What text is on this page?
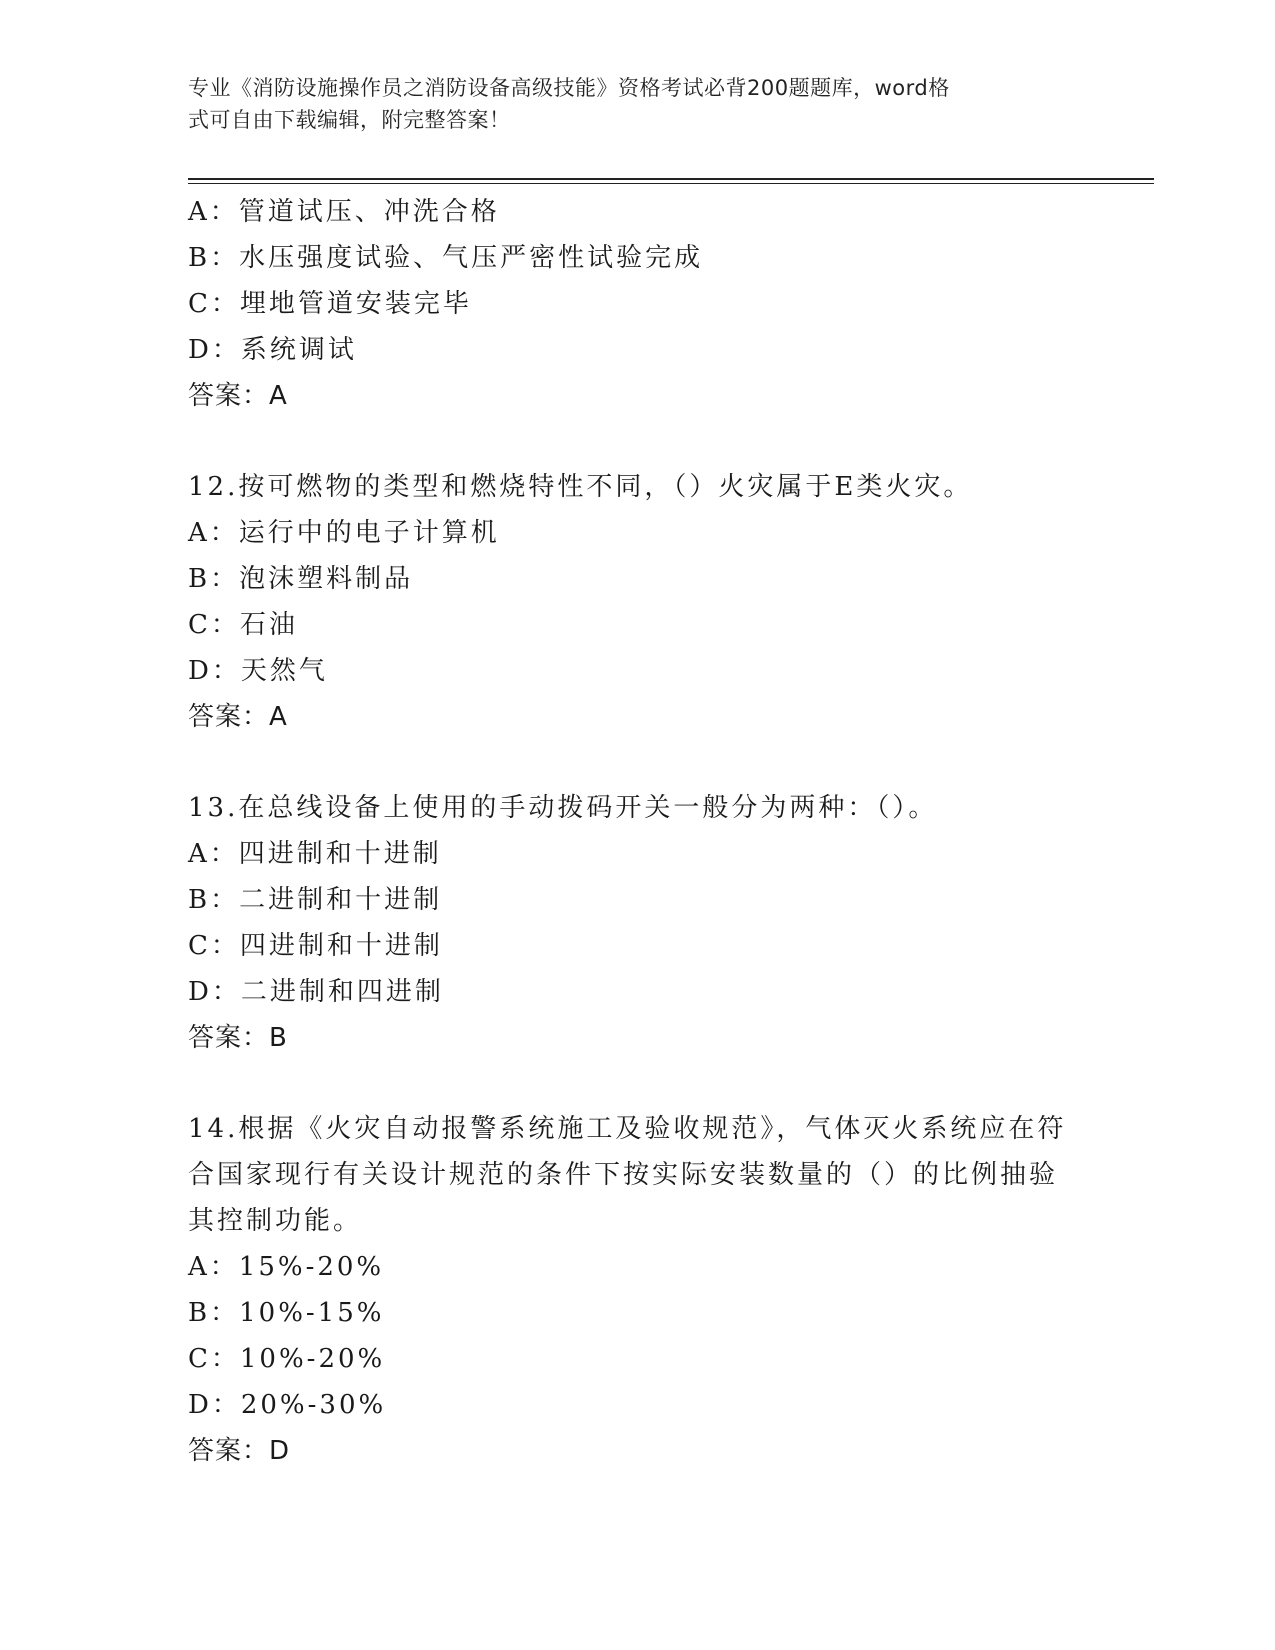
专业《消防设施操作员之消防设备高级技能》资格考试必背200题题库，word格
式可自由下载编辑，附完整答案！
A：管道试压、冲洗合格
B：水压强度试验、气压严密性试验完成
C：埋地管道安装完毕
D：系统调试
答案：A
12.按可燃物的类型和燃烧特性不同，（）火灾属于E类火灾。
A：运行中的电子计算机
B：泡沫塑料制品
C：石油
D：天然气
答案：A
13.在总线设备上使用的手动拨码开关一般分为两种：（）。
A：四进制和十进制
B：二进制和十进制
C：四进制和十进制
D：二进制和四进制
答案：B
14.根据《火灾自动报警系统施工及验收规范》，气体灭火系统应在符
合国家现行有关设计规范的条件下按实际安装数量的（）的比例抽验
其控制功能。
A：15%-20%
B：10%-15%
C：10%-20%
D：20%-30%
答案：D
